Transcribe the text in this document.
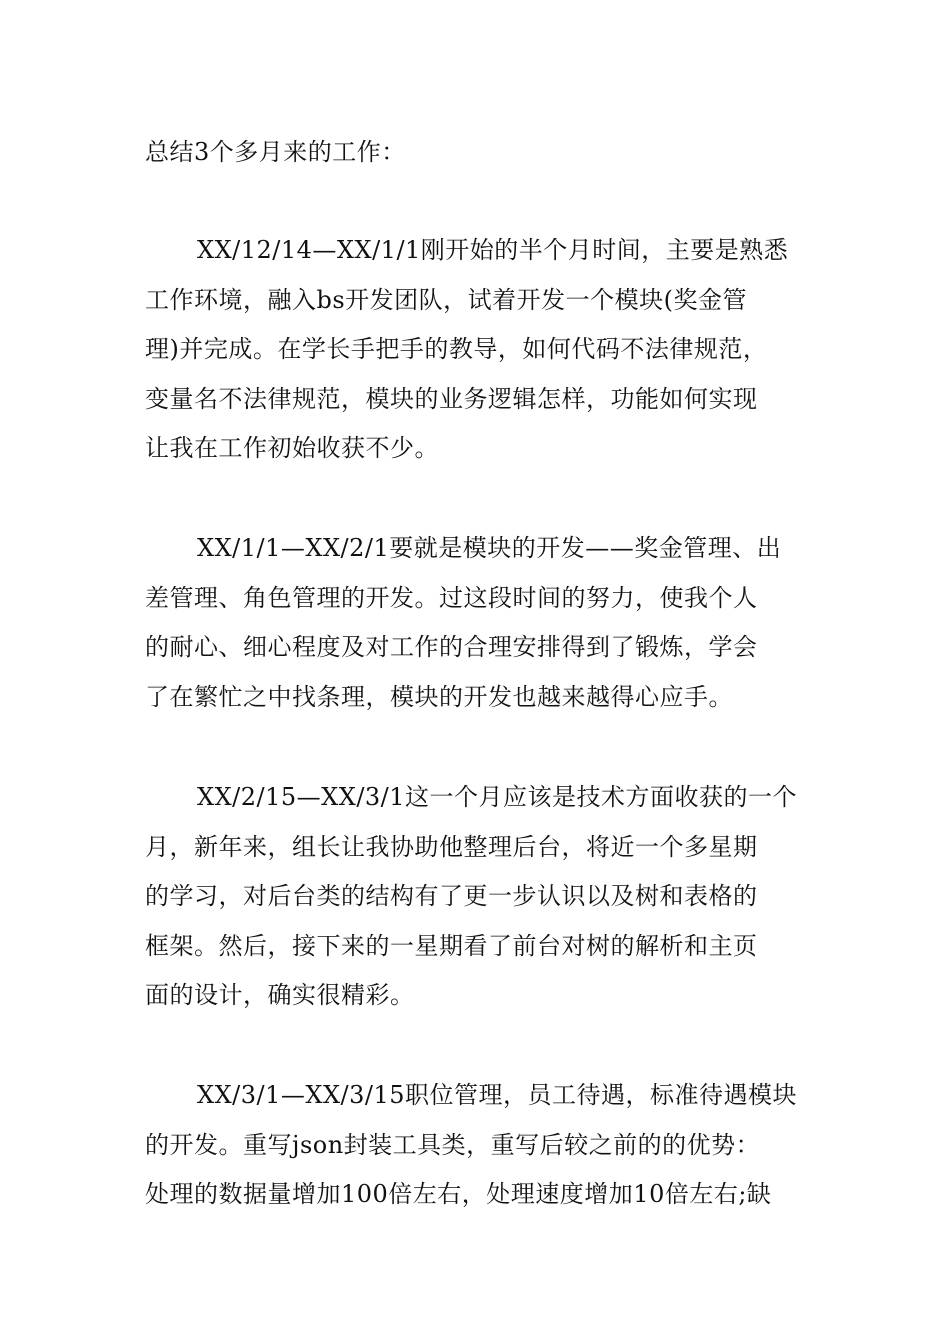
总结3个多月来的工作：
XX/12/14—XX/1/1刚开始的半个月时间，主要是熟悉
工作环境，融入bs开发团队，试着开发一个模块(奖金管
理)并完成。在学长手把手的教导，如何代码不法律规范，
变量名不法律规范，模块的业务逻辑怎样，功能如何实现
让我在工作初始收获不少。
XX/1/1—XX/2/1要就是模块的开发——奖金管理、出
差管理、角色管理的开发。过这段时间的努力，使我个人
的耐心、细心程度及对工作的合理安排得到了锻炼，学会
了在繁忙之中找条理，模块的开发也越来越得心应手。
XX/2/15—XX/3/1这一个月应该是技术方面收获的一个
月，新年来，组长让我协助他整理后台，将近一个多星期
的学习，对后台类的结构有了更一步认识以及树和表格的
框架。然后，接下来的一星期看了前台对树的解析和主页
面的设计，确实很精彩。
XX/3/1—XX/3/15职位管理，员工待遇，标准待遇模块
的开发。重写json封装工具类，重写后较之前的的优势：
处理的数据量增加100倍左右，处理速度增加10倍左右;缺
